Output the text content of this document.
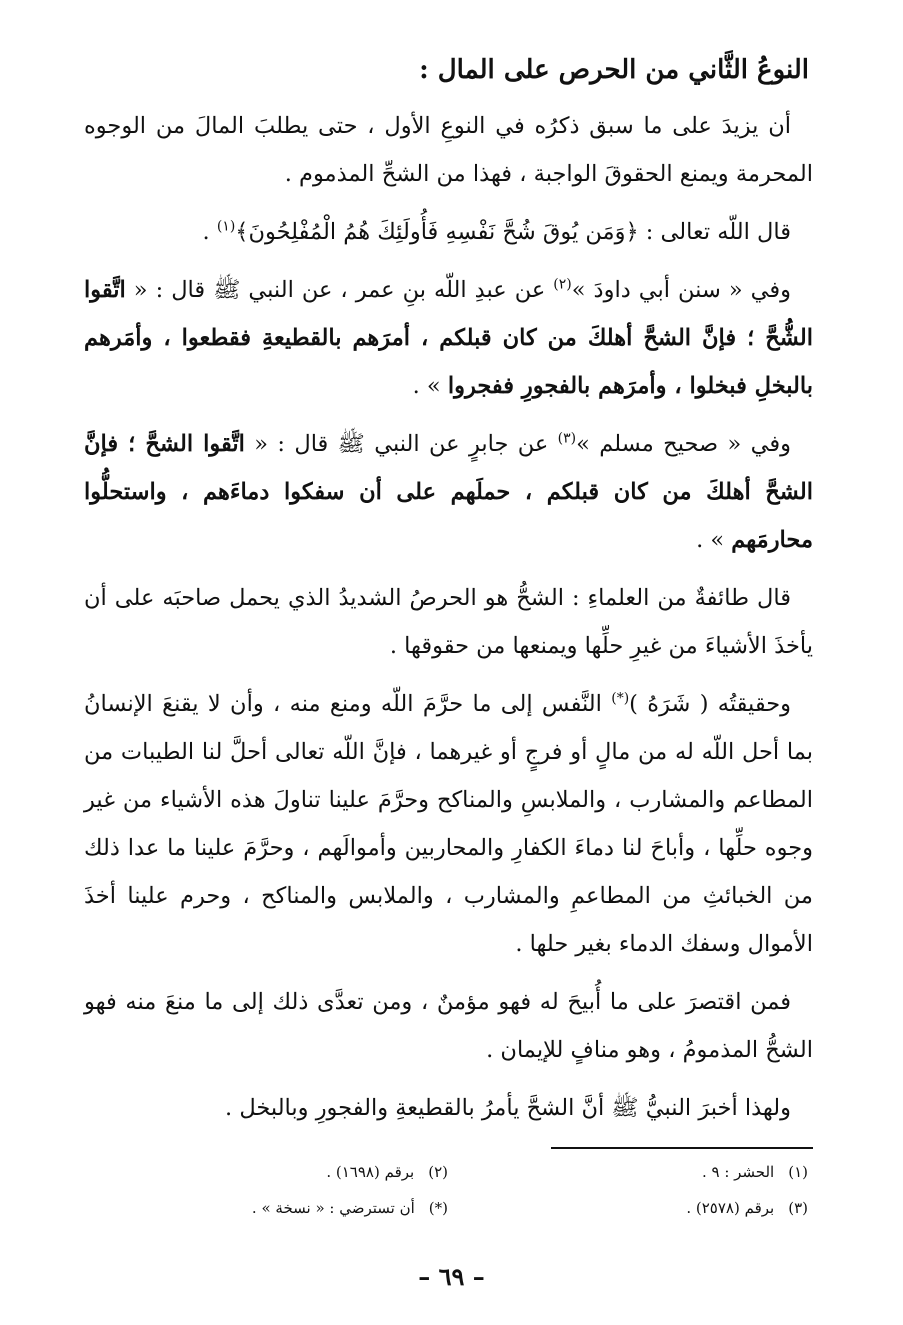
النوعُ الثَّاني من الحرص على المال :

أن يزيدَ على ما سبق ذكرُه في النوعِ الأول ، حتى يطلبَ المالَ من الوجوه المحرمة ويمنع الحقوقَ الواجبة ، فهذا من الشحِّ المذموم .

قال اللّه تعالى : ﴿وَمَن يُوقَ شُحَّ نَفْسِهِ فَأُولَئِكَ هُمُ الْمُفْلِحُونَ﴾$^{(١)}$ .

وفي « سنن أبي داودَ »$^{(٢)}$ عن عبدِ اللّه بنِ عمر ، عن النبي ﷺ قال : « اتَّقوا الشُّحَّ ؛ فإنَّ الشحَّ أهلكَ من كان قبلكم ، أمرَهم بالقطيعةِ فقطعوا ، وأمَرهم بالبخلِ فبخلوا ، وأمرَهم بالفجورِ ففجروا » .

وفي « صحيح مسلم »$^{(٣)}$ عن جابرٍ عن النبي ﷺ قال : « اتَّقوا الشحَّ ؛ فإنَّ الشحَّ أهلكَ من كان قبلكم ، حملَهم على أن سفكوا دماءَهم ، واستحلُّوا محارمَهم » .

قال طائفةٌ من العلماءِ : الشحُّ هو الحرصُ الشديدُ الذي يحمل صاحبَه على أن يأخذَ الأشياءَ من غيرِ حلِّها ويمنعها من حقوقها .

وحقيقتُه ( شَرَهُ )(*) النَّفس إلى ما حرَّمَ اللّه ومنع منه ، وأن لا يقنعَ الإنسانُ بما أحل اللّه له من مالٍ أو فرجٍ أو غيرهما ، فإنَّ اللّه تعالى أحلَّ لنا الطيبات من المطاعم والمشارب ، والملابسِ والمناكح وحرَّمَ علينا تناولَ هذه الأشياء من غير وجوه حلِّها ، وأباحَ لنا دماءَ الكفارِ والمحاربين وأموالَهم ، وحرَّمَ علينا ما عدا ذلك من الخبائثِ من المطاعمِ والمشارب ، والملابس والمناكح ، وحرم علينا أخذَ الأموال وسفك الدماء بغير حلها .

فمن اقتصرَ على ما أُبيحَ له فهو مؤمنٌ ، ومن تعدَّى ذلك إلى ما منعَ منه فهو الشحُّ المذمومُ ، وهو منافٍ للإيمان .

ولهذا أخبرَ النبيُّ ﷺ أنَّ الشحَّ يأمرُ بالقطيعةِ والفجورِ وبالبخل .

(١)الحشر : ٩ .
(٢)برقم (١٦٩٨) .
(٣)برقم (٢٥٧٨) .
(*)أن تسترضي : « نسخة » .
– ٦٩ –
